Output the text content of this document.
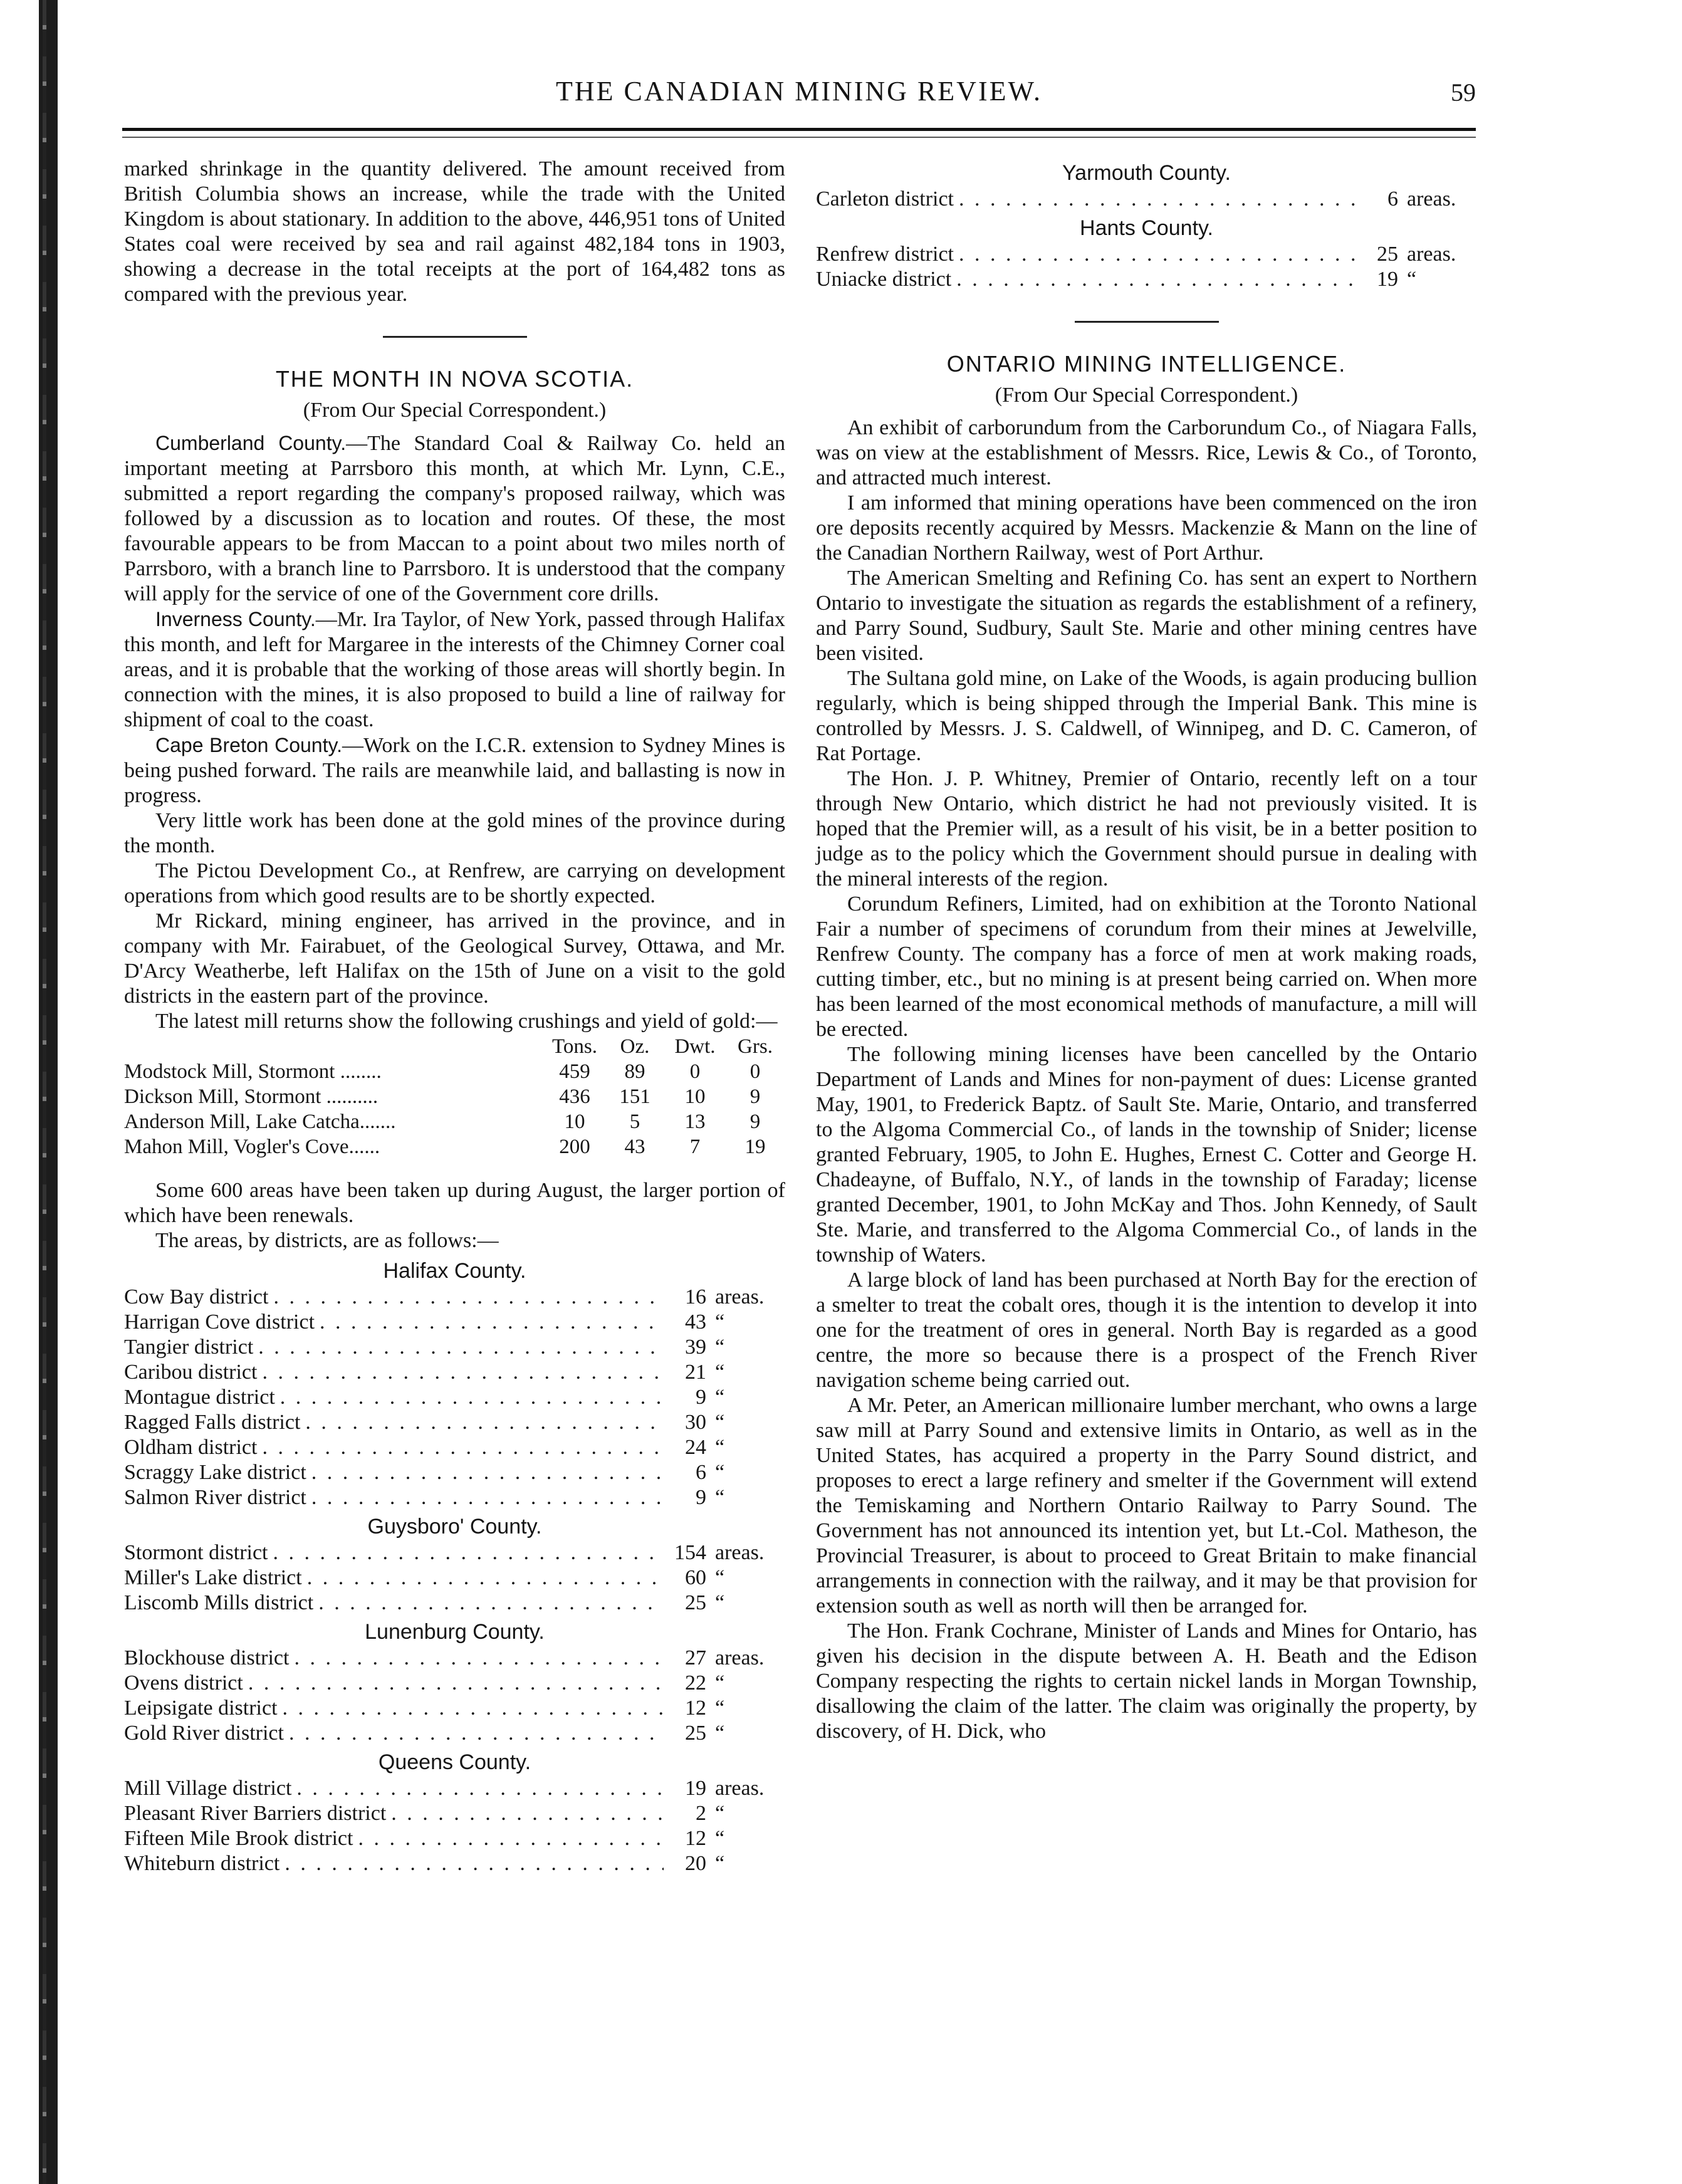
THE CANADIAN MINING REVIEW.	59

marked shrinkage in the quantity delivered. The amount received from British Columbia shows an increase, while the trade with the United Kingdom is about stationary. In addition to the above, 446,951 tons of United States coal were received by sea and rail against 482,184 tons in 1903, showing a decrease in the total receipts at the port of 164,482 tons as compared with the previous year.

THE MONTH IN NOVA SCOTIA.
(From Our Special Correspondent.)

Cumberland County.—The Standard Coal & Railway Co. held an important meeting at Parrsboro this month, at which Mr. Lynn, C.E., submitted a report regarding the company's proposed railway, which was followed by a discussion as to location and routes. Of these, the most favourable appears to be from Maccan to a point about two miles north of Parrsboro, with a branch line to Parrsboro. It is understood that the company will apply for the service of one of the Government core drills.

Inverness County.—Mr. Ira Taylor, of New York, passed through Halifax this month, and left for Margaree in the interests of the Chimney Corner coal areas, and it is probable that the working of those areas will shortly begin. In connection with the mines, it is also proposed to build a line of railway for shipment of coal to the coast.

Cape Breton County.—Work on the I.C.R. extension to Sydney Mines is being pushed forward. The rails are meanwhile laid, and ballasting is now in progress.

Very little work has been done at the gold mines of the province during the month.

The Pictou Development Co., at Renfrew, are carrying on development operations from which good results are to be shortly expected.

Mr Rickard, mining engineer, has arrived in the province, and in company with Mr. Fairabuet, of the Geological Survey, Ottawa, and Mr. D'Arcy Weatherbe, left Halifax on the 15th of June on a visit to the gold districts in the eastern part of the province.

The latest mill returns show the following crushings and yield of gold:—

	Tons.	Oz.	Dwt.	Grs.
Modstock Mill, Stormont ........	459	89	0	0
Dickson Mill, Stormont ..........	436	151	10	9
Anderson Mill, Lake Catcha.......	10	5	13	9
Mahon Mill, Vogler's Cove......	200	43	7	19

Some 600 areas have been taken up during August, the larger portion of which have been renewals.

The areas, by districts, are as follows:—

Halifax County.
Cow Bay district . . .	16 areas.
Harrigan Cove district . . .	43 “
Tangier district . . .	39 “
Caribou district . . .	21 “
Montague district . . .	9 “
Ragged Falls district . . .	30 “
Oldham district . . .	24 “
Scraggy Lake district . . .	6 “
Salmon River district . . .	9 “
Guysboro' County.
Stormont district . . .	154 areas.
Miller's Lake district . . .	60 “
Liscomb Mills district . . .	25 “
Lunenburg County.
Blockhouse district . . .	27 areas.
Ovens district . . .	22 “
Leipsigate district . . .	12 “
Gold River district . . .	25 “
Queens County.
Mill Village district . . .	19 areas.
Pleasant River Barriers district . . .	2 “
Fifteen Mile Brook district . . .	12 “
Whiteburn district . . .	20 “
Yarmouth County.
Carleton district . . .	6 areas.
Hants County.
Renfrew district . . .	25 areas.
Uniacke district . . .	19 “
ONTARIO MINING INTELLIGENCE.
(From Our Special Correspondent.)

An exhibit of carborundum from the Carborundum Co., of Niagara Falls, was on view at the establishment of Messrs. Rice, Lewis & Co., of Toronto, and attracted much interest.

I am informed that mining operations have been commenced on the iron ore deposits recently acquired by Messrs. Mackenzie & Mann on the line of the Canadian Northern Railway, west of Port Arthur.

The American Smelting and Refining Co. has sent an expert to Northern Ontario to investigate the situation as regards the establishment of a refinery, and Parry Sound, Sudbury, Sault Ste. Marie and other mining centres have been visited.

The Sultana gold mine, on Lake of the Woods, is again producing bullion regularly, which is being shipped through the Imperial Bank. This mine is controlled by Messrs. J. S. Caldwell, of Winnipeg, and D. C. Cameron, of Rat Portage.

The Hon. J. P. Whitney, Premier of Ontario, recently left on a tour through New Ontario, which district he had not previously visited. It is hoped that the Premier will, as a result of his visit, be in a better position to judge as to the policy which the Government should pursue in dealing with the mineral interests of the region.

Corundum Refiners, Limited, had on exhibition at the Toronto National Fair a number of specimens of corundum from their mines at Jewelville, Renfrew County. The company has a force of men at work making roads, cutting timber, etc., but no mining is at present being carried on. When more has been learned of the most economical methods of manufacture, a mill will be erected.

The following mining licenses have been cancelled by the Ontario Department of Lands and Mines for non-payment of dues: License granted May, 1901, to Frederick Baptz. of Sault Ste. Marie, Ontario, and transferred to the Algoma Commercial Co., of lands in the township of Snider; license granted February, 1905, to John E. Hughes, Ernest C. Cotter and George H. Chadeayne, of Buffalo, N.Y., of lands in the township of Faraday; license granted December, 1901, to John McKay and Thos. John Kennedy, of Sault Ste. Marie, and transferred to the Algoma Commercial Co., of lands in the township of Waters.

A large block of land has been purchased at North Bay for the erection of a smelter to treat the cobalt ores, though it is the intention to develop it into one for the treatment of ores in general. North Bay is regarded as a good centre, the more so because there is a prospect of the French River navigation scheme being carried out.

A Mr. Peter, an American millionaire lumber merchant, who owns a large saw mill at Parry Sound and extensive limits in Ontario, as well as in the United States, has acquired a property in the Parry Sound district, and proposes to erect a large refinery and smelter if the Government will extend the Temiskaming and Northern Ontario Railway to Parry Sound. The Government has not announced its intention yet, but Lt.-Col. Matheson, the Provincial Treasurer, is about to proceed to Great Britain to make financial arrangements in connection with the railway, and it may be that provision for extension south as well as north will then be arranged for.

The Hon. Frank Cochrane, Minister of Lands and Mines for Ontario, has given his decision in the dispute between A. H. Beath and the Edison Company respecting the rights to certain nickel lands in Morgan Township, disallowing the claim of the latter. The claim was originally the property, by discovery, of H. Dick, who
